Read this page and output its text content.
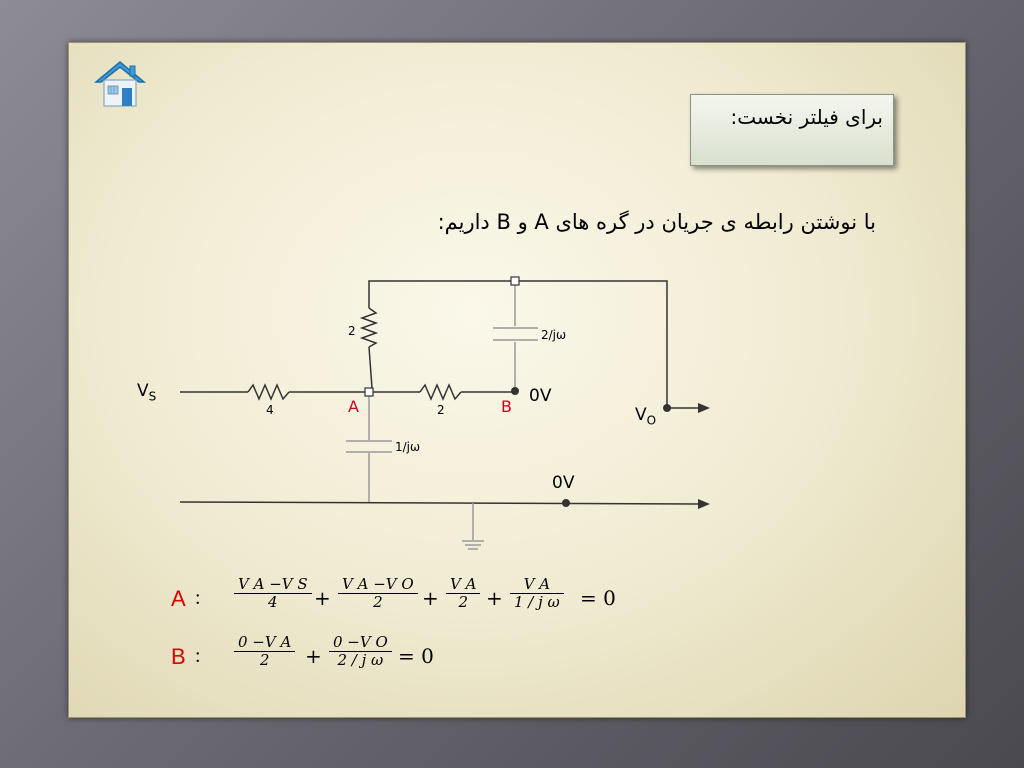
برای فیلتر نخست:
با نوشتن رابطه ی جریان در گره های A و B داریم:
$V_S$
$V_O$
2	2/jω
4	2
1/jω
A	B
0V
0V
A : $\frac{\text{V A −V S}}{4} + \frac{\text{V A −V O}}{2} + \frac{\text{V A}}{2} + \frac{\text{V A}}{\text{1 / j ω}} = 0$
B : $\frac{\text{0 −V A}}{2} + \frac{\text{0 −V O}}{\text{2 / j ω}} = 0$
